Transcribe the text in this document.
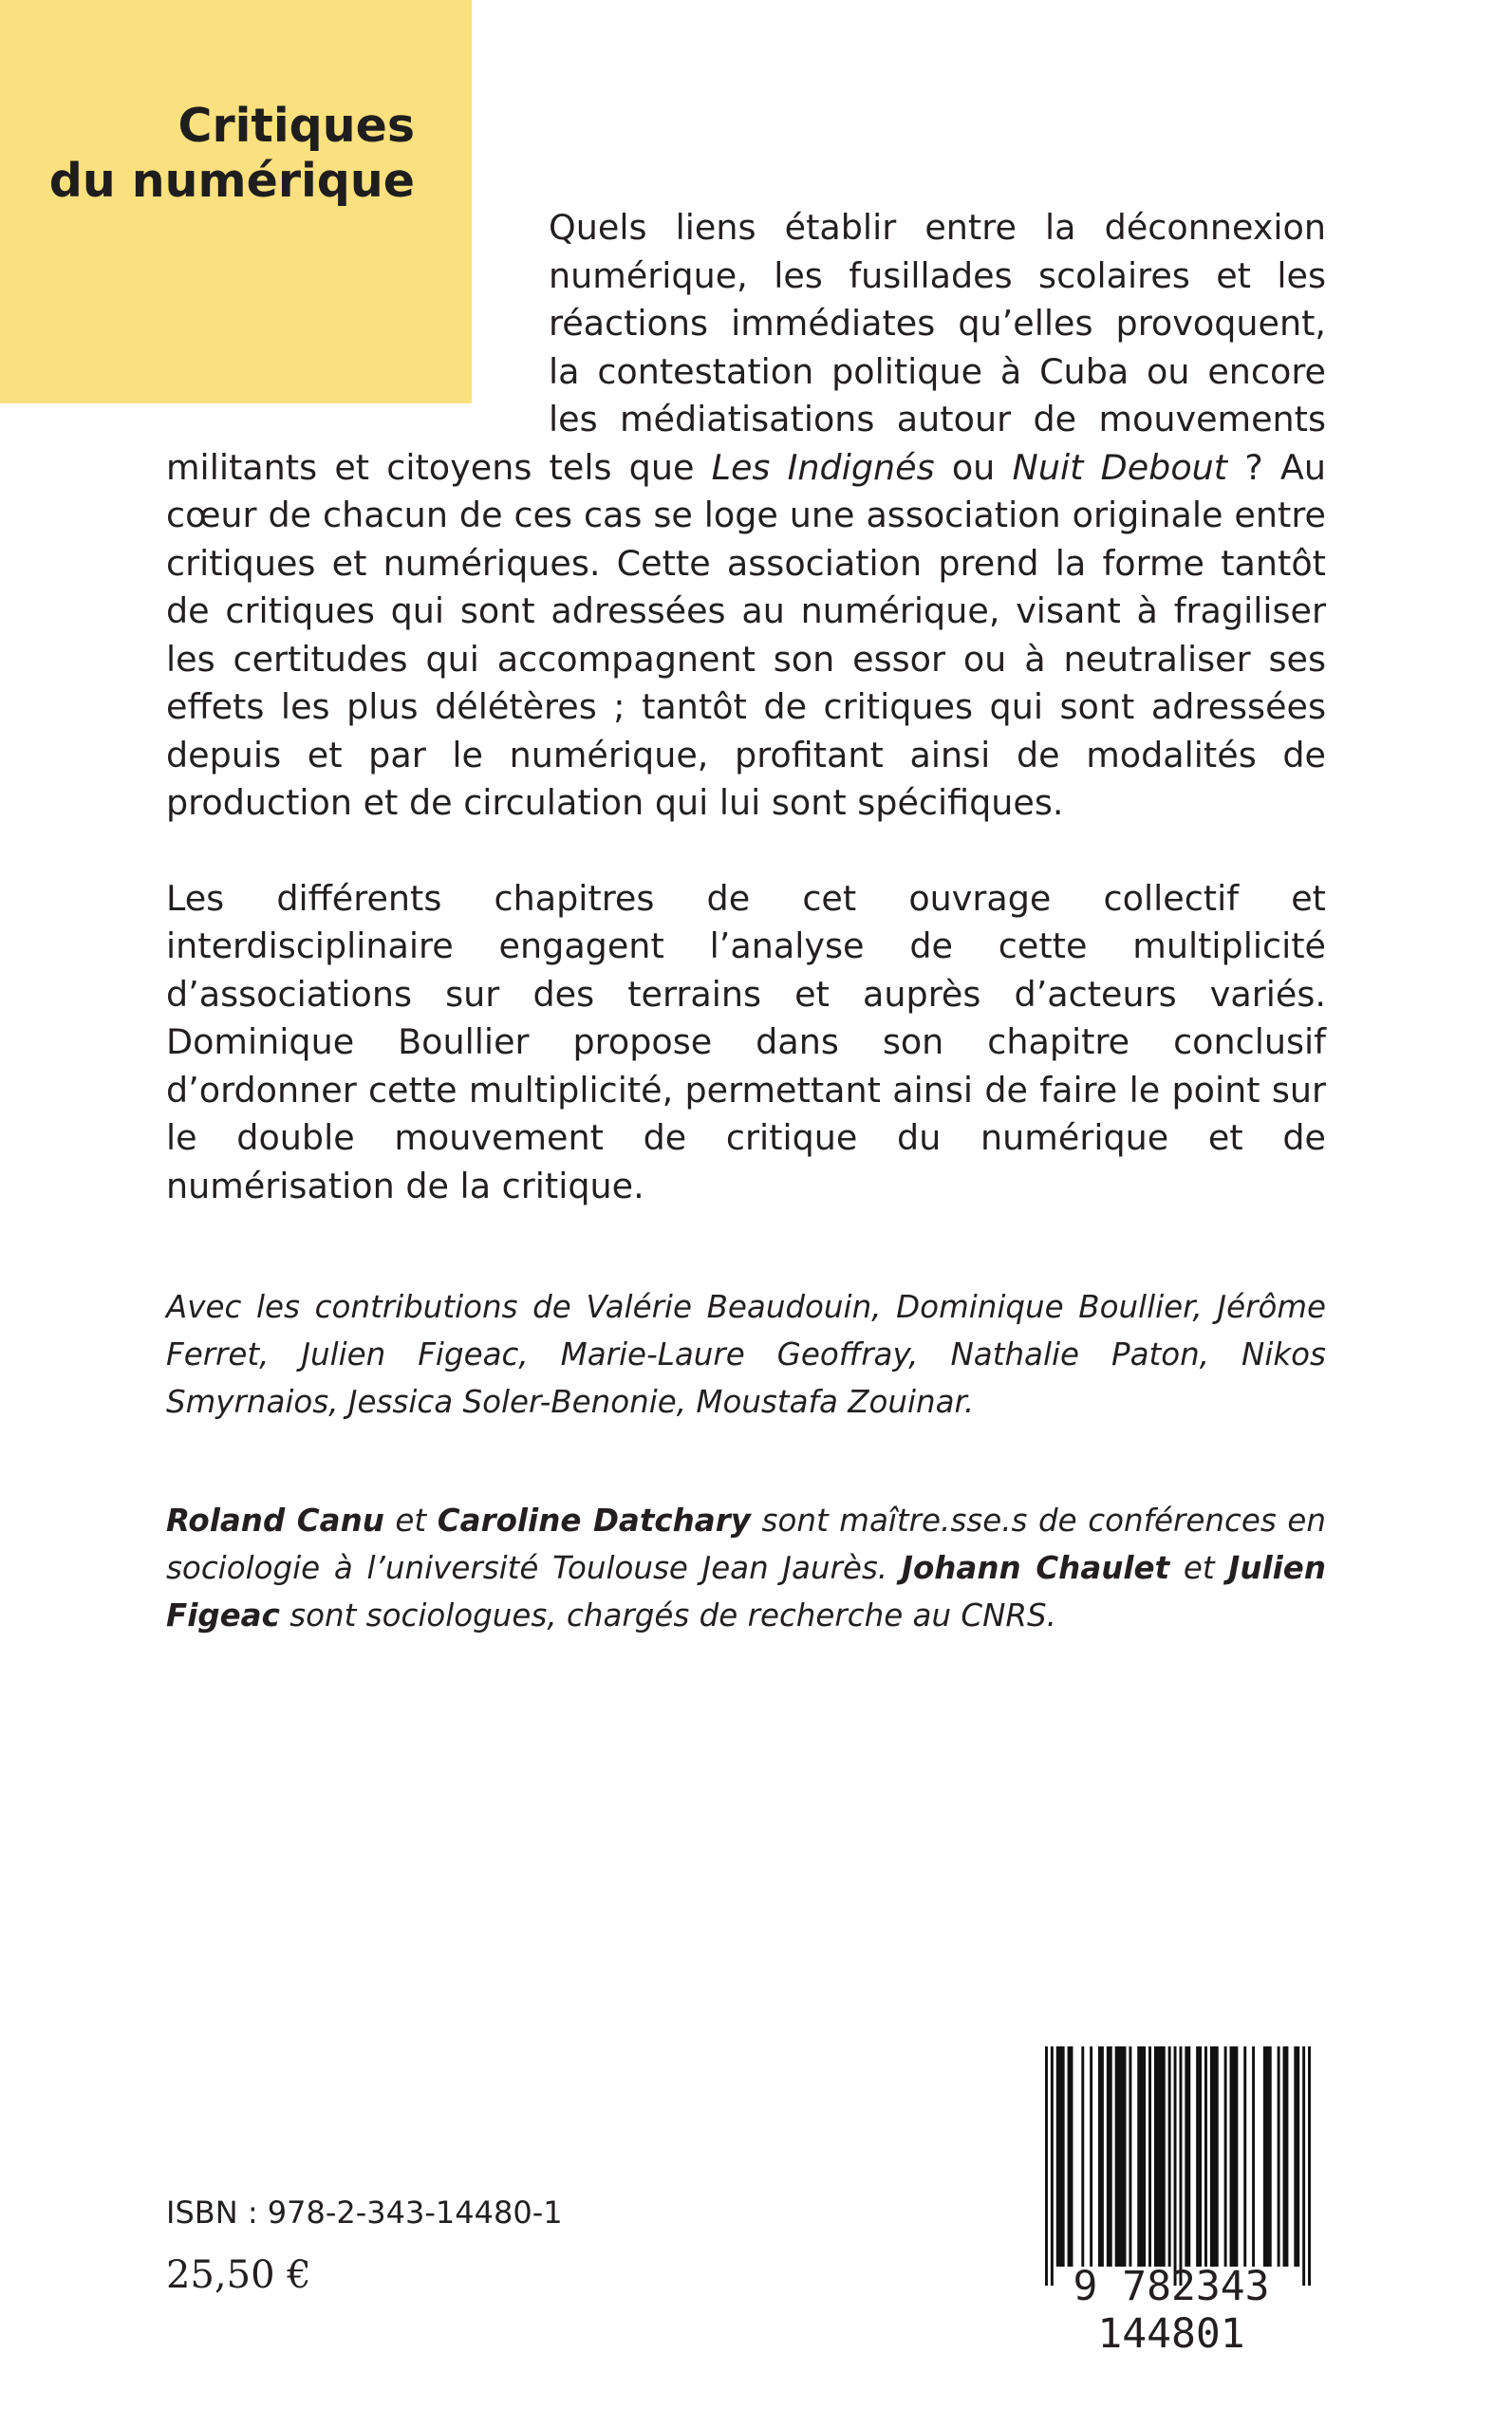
Critiques
du numérique

Quels liens établir entre la déconnexion numérique, les fusillades scolaires et les réactions immédiates qu’elles provoquent, la contestation politique à Cuba ou encore les médiatisations autour de mouvements militants et citoyens tels que Les Indignés ou Nuit Debout ? Au cœur de chacun de ces cas se loge une association originale entre critiques et numériques. Cette association prend la forme tantôt de critiques qui sont adressées au numérique, visant à fragiliser les certitudes qui accompagnent son essor ou à neutraliser ses effets les plus délétères ; tantôt de critiques qui sont adressées depuis et par le numérique, profitant ainsi de modalités de production et de circulation qui lui sont spécifiques.

Les différents chapitres de cet ouvrage collectif et interdisciplinaire engagent l’analyse de cette multiplicité d’associations sur des terrains et auprès d’acteurs variés. Dominique Boullier propose dans son chapitre conclusif d’ordonner cette multiplicité, permettant ainsi de faire le point sur le double mouvement de critique du numérique et de numérisation de la critique.

Avec les contributions de Valérie Beaudouin, Dominique Boullier, Jérôme Ferret, Julien Figeac, Marie-Laure Geoffray, Nathalie Paton, Nikos Smyrnaios, Jessica Soler-Benonie, Moustafa Zouinar.

Roland Canu et Caroline Datchary sont maître.sse.s de conférences en sociologie à l’université Toulouse Jean Jaurès. Johann Chaulet et Julien Figeac sont sociologues, chargés de recherche au CNRS.

ISBN : 978-2-343-14480-1
25,50 €	9 782343 144801
